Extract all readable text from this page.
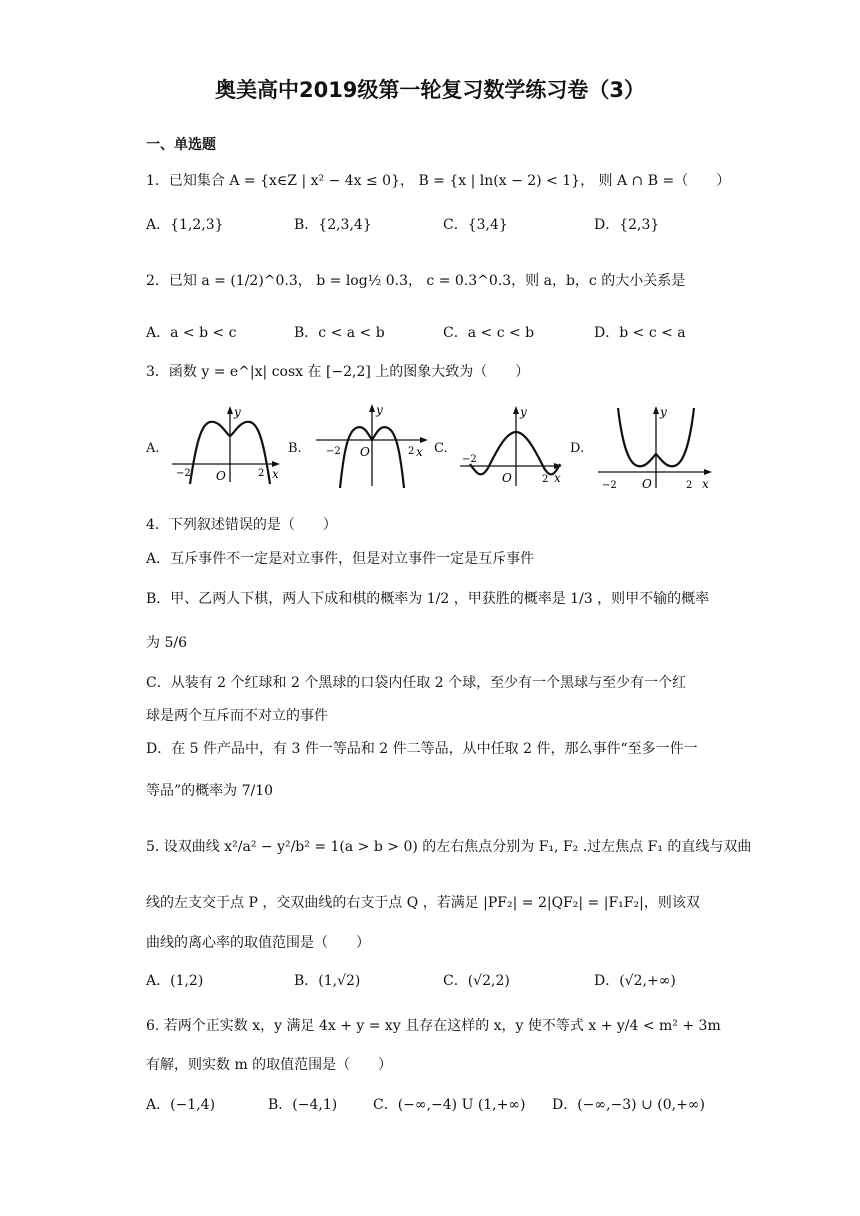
奥美高中2019级第一轮复习数学练习卷（3）
一、单选题
1．已知集合 A = {x∈Z | x² − 4x ≤ 0}， B = {x | ln(x − 2) < 1}， 则 A ∩ B =（　　）
A．{1,2,3}	B．{2,3,4}	C．{3,4}	D．{2,3}
2．已知 a = (1/2)^0.3， b = log½ 0.3， c = 0.3^0.3，则 a，b，c 的大小关系是
A．a < b < c	B．c < a < b	C．a < c < b	D．b < c < a
3．函数 y = e^|x| cosx 在 [−2,2] 上的图象大致为（　　）
A.
y
x
O
−2	2
B.
y
x
O
−2	2 C.
y
x
O
−2
2
D.
y
x
O
−2	2
4．下列叙述错误的是（　　）
A．互斥事件不一定是对立事件，但是对立事件一定是互斥事件
B．甲、乙两人下棋，两人下成和棋的概率为 1/2 ，甲获胜的概率是 1/3 ，则甲不输的概率
为 5/6
C．从装有 2 个红球和 2 个黑球的口袋内任取 2 个球，至少有一个黑球与至少有一个红
球是两个互斥而不对立的事件
D．在 5 件产品中，有 3 件一等品和 2 件二等品，从中任取 2 件，那么事件“至多一件一
等品”的概率为 7/10
5. 设双曲线 x²/a² − y²/b² = 1(a > b > 0) 的左右焦点分别为 F₁, F₂ .过左焦点 F₁ 的直线与双曲
线的左支交于点 P ，交双曲线的右支于点 Q ，若满足 |PF₂| = 2|QF₂| = |F₁F₂|，则该双
曲线的离心率的取值范围是（　　）
A．(1,2)	B．(1,√2)	C．(√2,2)	D．(√2,+∞)
6. 若两个正实数 x，y 满足 4x + y = xy 且存在这样的 x，y 使不等式 x + y/4 < m² + 3m
有解，则实数 m 的取值范围是（　　）
A．(−1,4)	B．(−4,1)	C．(−∞,−4) U (1,+∞) D．(−∞,−3) ∪ (0,+∞)
